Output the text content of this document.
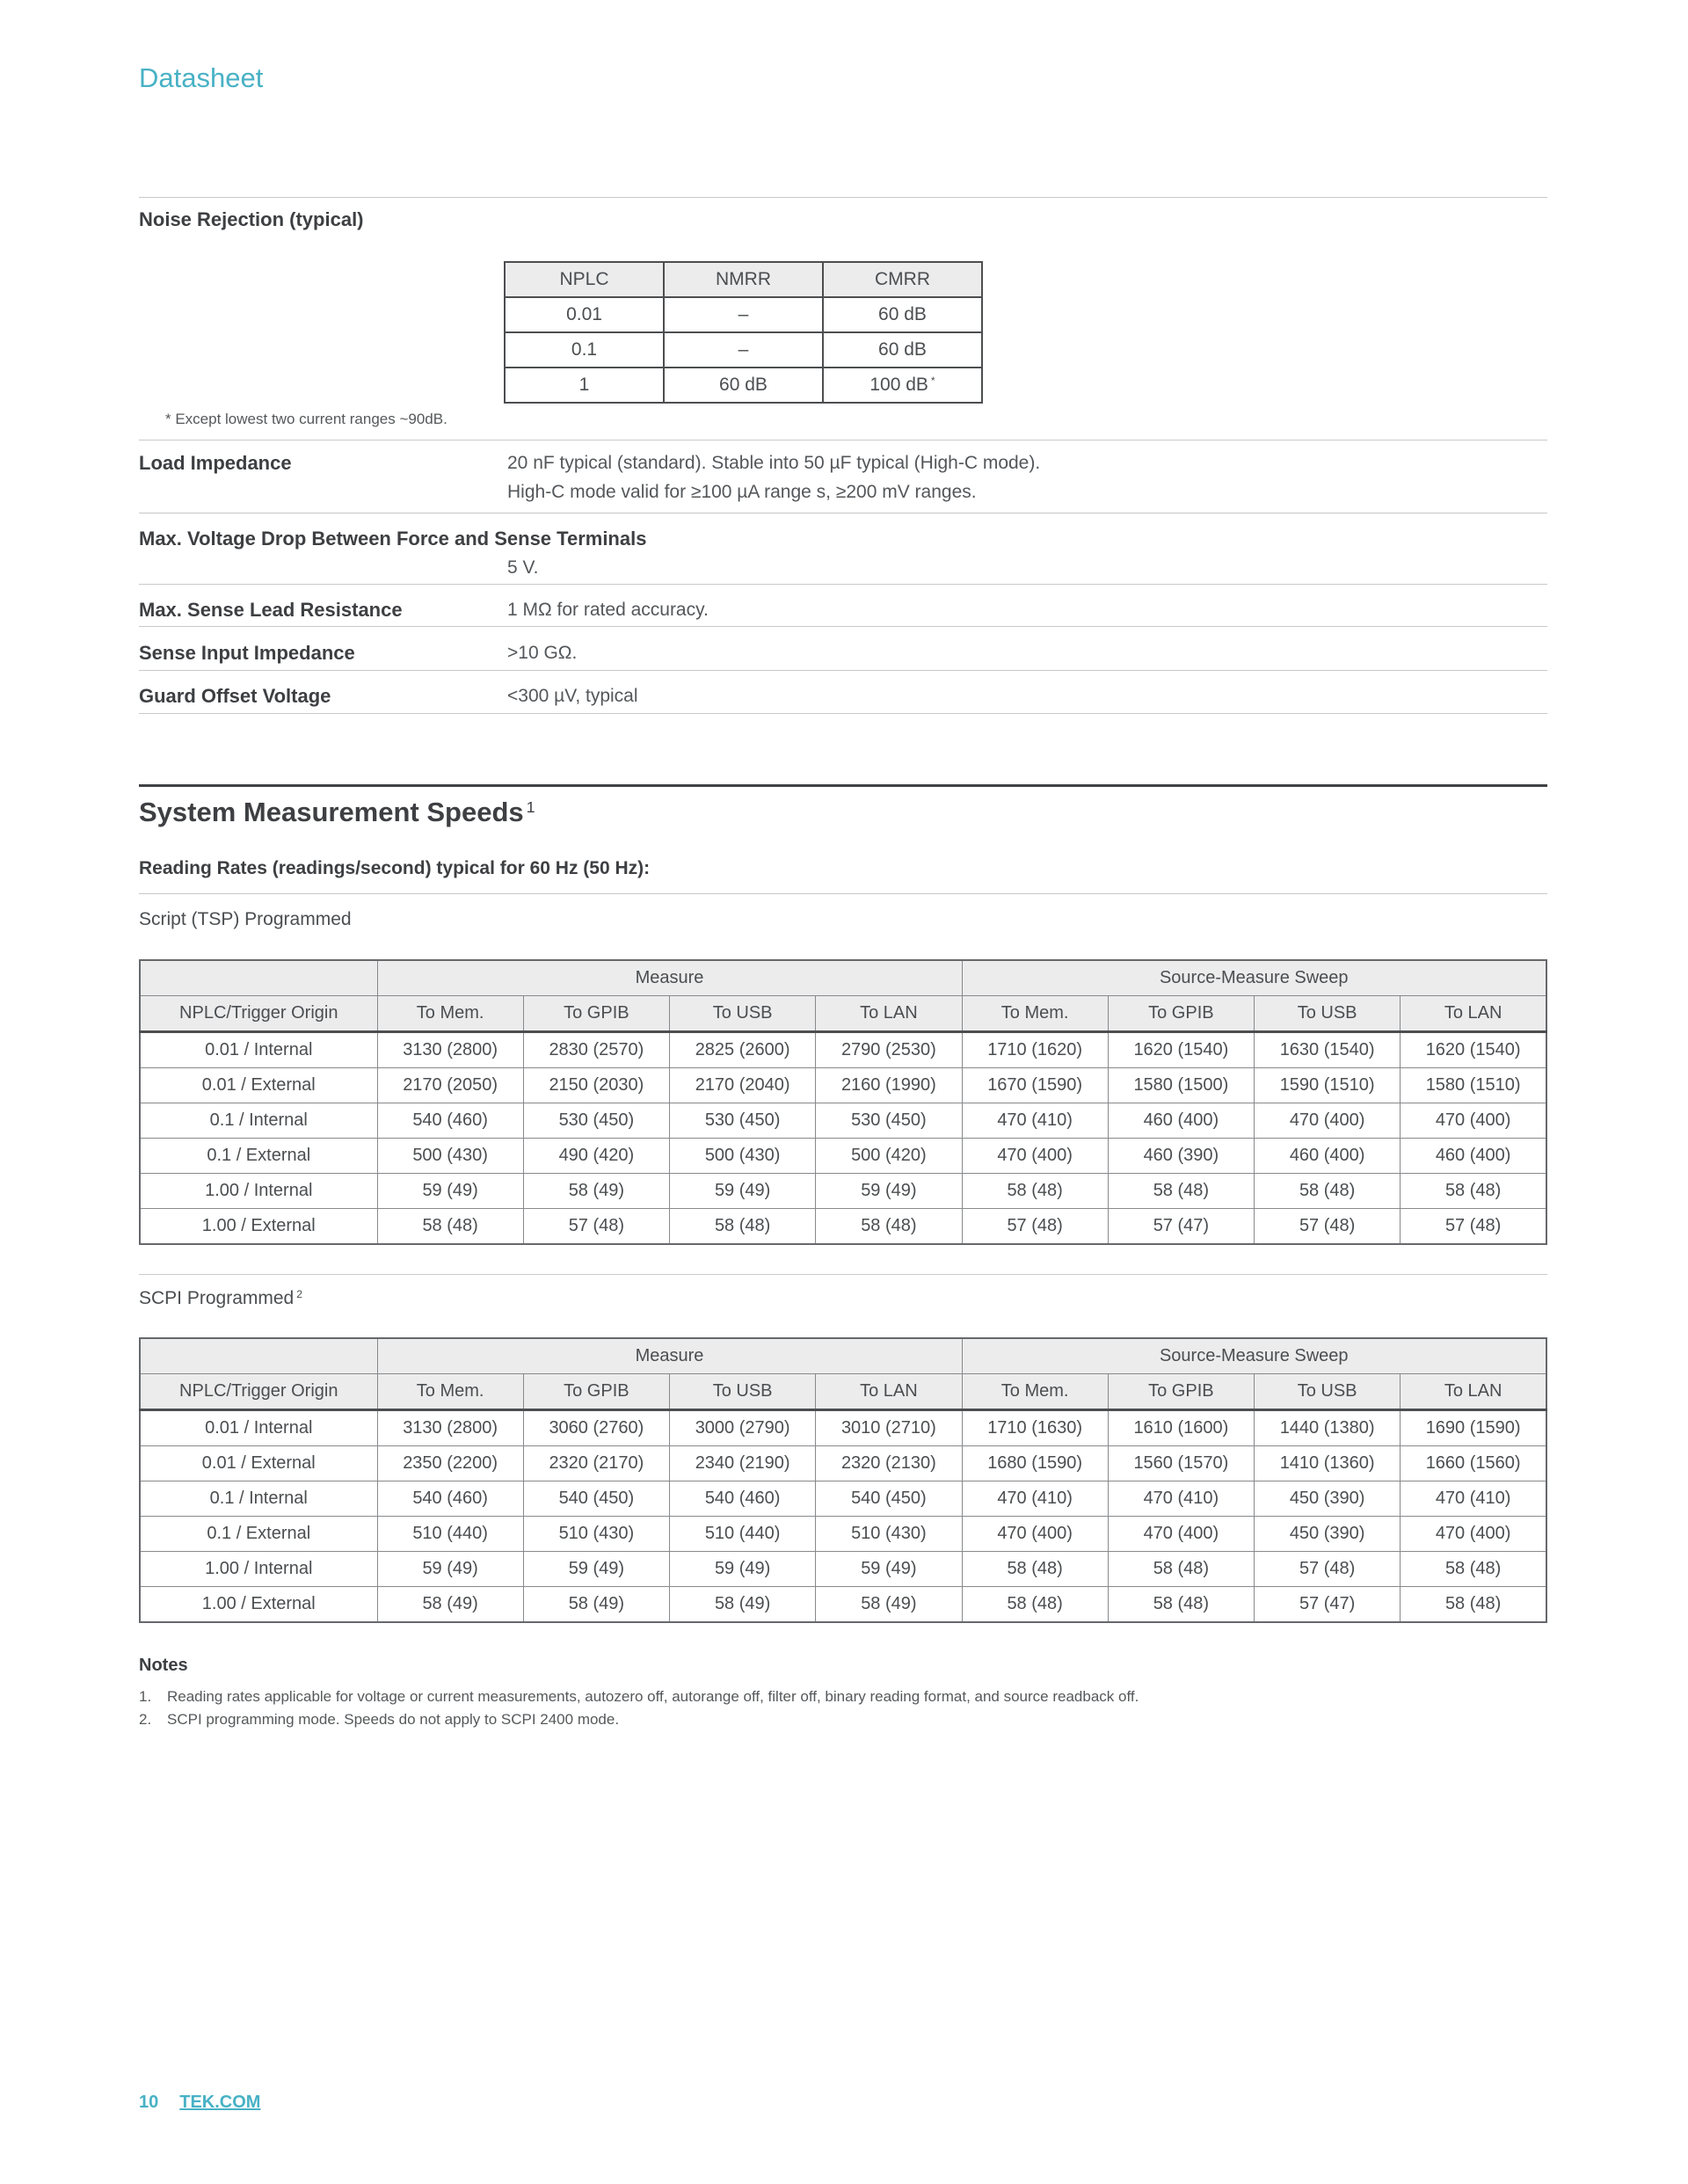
Datasheet
Noise Rejection (typical)
NPLC	NMRR	CMRR
0.01	–	60 dB
0.1	–	60 dB
1	60 dB	100 dB *
* Except lowest two current ranges ~90dB.
Load Impedance	20 nF typical (standard). Stable into 50 µF typical (High-C mode).
High-C mode valid for ≥100 µA range s, ≥200 mV ranges.
Max. Voltage Drop Between Force and Sense Terminals
5 V.
Max. Sense Lead Resistance	1 MΩ for rated accuracy.
Sense Input Impedance	>10 GΩ.
Guard Offset Voltage	<300 µV, typical
System Measurement Speeds $^1$
Reading Rates (readings/second) typical for 60 Hz (50 Hz):
Script (TSP) Programmed
	Measure				Source-Measure Sweep			
NPLC/Trigger Origin	To Mem.	To GPIB	To USB	To LAN	To Mem.	To GPIB	To USB	To LAN
0.01 / Internal	3130 (2800)	2830 (2570)	2825 (2600)	2790 (2530)	1710 (1620)	1620 (1540)	1630 (1540)	1620 (1540)
0.01 / External	2170 (2050)	2150 (2030)	2170 (2040)	2160 (1990)	1670 (1590)	1580 (1500)	1590 (1510)	1580 (1510)
0.1 / Internal	540 (460)	530 (450)	530 (450)	530 (450)	470 (410)	460 (400)	470 (400)	470 (400)
0.1 / External	500 (430)	490 (420)	500 (430)	500 (420)	470 (400)	460 (390)	460 (400)	460 (400)
1.00 / Internal	59 (49)	58 (49)	59 (49)	59 (49)	58 (48)	58 (48)	58 (48)	58 (48)
1.00 / External	58 (48)	57 (48)	58 (48)	58 (48)	57 (48)	57 (47)	57 (48)	57 (48)
SCPI Programmed $^2$
	Measure				Source-Measure Sweep			
NPLC/Trigger Origin	To Mem.	To GPIB	To USB	To LAN	To Mem.	To GPIB	To USB	To LAN
0.01 / Internal	3130 (2800)	3060 (2760)	3000 (2790)	3010 (2710)	1710 (1630)	1610 (1600)	1440 (1380)	1690 (1590)
0.01 / External	2350 (2200)	2320 (2170)	2340 (2190)	2320 (2130)	1680 (1590)	1560 (1570)	1410 (1360)	1660 (1560)
0.1 / Internal	540 (460)	540 (450)	540 (460)	540 (450)	470 (410)	470 (410)	450 (390)	470 (410)
0.1 / External	510 (440)	510 (430)	510 (440)	510 (430)	470 (400)	470 (400)	450 (390)	470 (400)
1.00 / Internal	59 (49)	59 (49)	59 (49)	59 (49)	58 (48)	58 (48)	57 (48)	58 (48)
1.00 / External	58 (49)	58 (49)	58 (49)	58 (49)	58 (48)	58 (48)	57 (47)	58 (48)
Notes
1.	Reading rates applicable for voltage or current measurements, autozero off, autorange off, filter off, binary reading format, and source readback off.
2.	SCPI programming mode. Speeds do not apply to SCPI 2400 mode.
10 TEK.COM
